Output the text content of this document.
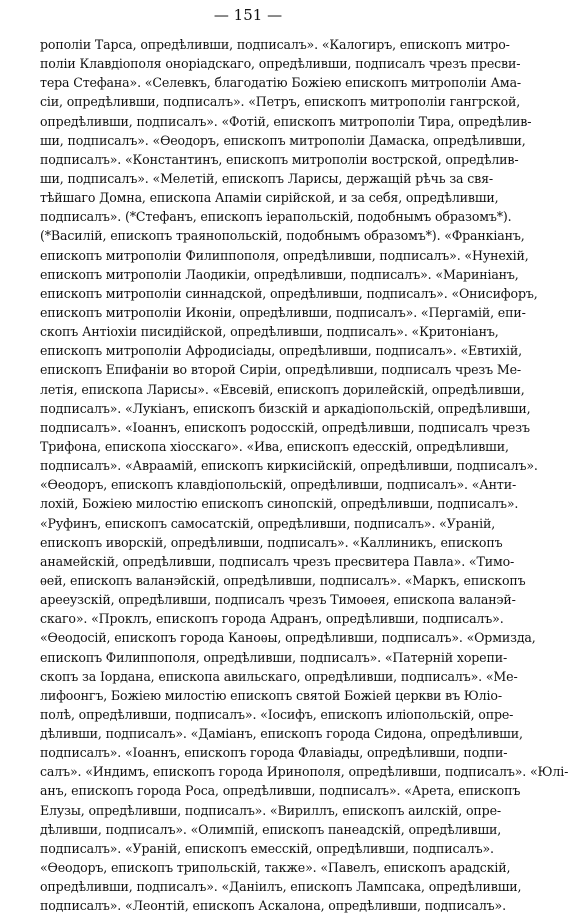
— 151 —
рополіи Тарса, опредѣливши, подписалъ». «Калогиръ, епископъ митро-
поліи Клавдіополя оноріадскаго, опредѣливши, подписалъ чрезъ пресви-
тера Стефана». «Селевкъ, благодатію Божіею епископъ митрополіи Ама-
сіи, опредѣливши, подписалъ». «Петръ, епископъ митрополіи гангрской,
опредѣливши, подписалъ». «Фотій, епископъ митрополіи Тира, опредѣлив-
ши, подписалъ». «Ѳеодоръ, епископъ митрополіи Дамаска, опредѣливши,
подписалъ». «Константинъ, епископъ митрополіи вострской, опредѣлив-
ши, подписалъ». «Мелетій, епископъ Ларисы, держащій рѣчь за свя-
тѣйшаго Домна, епископа Апаміи сирійской, и за себя, опредѣливши,
подписалъ». (*Стефанъ, епископъ іерапольскій, подобнымъ образомъ*).
(*Василій, епископъ траянопольскій, подобнымъ образомъ*). «Франкіанъ,
епископъ митрополіи Филиппополя, опредѣливши, подписалъ». «Нунехій,
епископъ митрополіи Лаодикіи, опредѣливши, подписалъ». «Маринiанъ,
епископъ митрополіи синнадской, опредѣливши, подписалъ». «Онисифоръ,
епископъ митрополіи Иконіи, опредѣливши, подписалъ». «Пергамій, епи-
скопъ Антіохіи писидійской, опредѣливши, подписалъ». «Критоніанъ,
епископъ митрополіи Афродисіады, опредѣливши, подписалъ». «Евтихій,
епископъ Епифаніи во второй Сиріи, опредѣливши, подписалъ чрезъ Ме-
летія, епископа Ларисы». «Евсевій, епископъ дорилейскій, опредѣливши,
подписалъ». «Лукіанъ, епископъ бизскій и аркадіопольскій, опредѣливши,
подписалъ». «Іоаннъ, епископъ родосскій, опредѣливши, подписалъ чрезъ
Трифона, епископа хіосскаго». «Ива, епископъ едесскій, опредѣливши,
подписалъ». «Авраамій, епископъ киркисійскій, опредѣливши, подписалъ».
«Ѳеодоръ, епископъ клавдіопольскій, опредѣливши, подписалъ». «Анти-
лохій, Божіею милостію епископъ синопскій, опредѣливши, подписалъ».
«Руфинъ, епископъ самосатскій, опредѣливши, подписалъ». «Ураній,
епископъ иворскій, опредѣливши, подписалъ». «Каллиникъ, епископъ
анамейскій, опредѣливши, подписалъ чрезъ пресвитера Павла». «Тимо-
ѳей, епископъ валанэйскій, опредѣливши, подписалъ». «Маркъ, епископъ
арееузскій, опредѣливши, подписалъ чрезъ Тимоѳея, епископа валанэй-
скаго». «Проклъ, епископъ города Адранъ, опредѣливши, подписалъ».
«Ѳеодосій, епископъ города Каноѳы, опредѣливши, подписалъ». «Ормизда,
епископъ Филиппополя, опредѣливши, подписалъ». «Патерній хорепи-
скопъ за Іордана, епископа авильскаго, опредѣливши, подписалъ». «Ме-
лифоонгъ, Божіею милостію епископъ святой Божіей церкви въ Юліо-
полѣ, опредѣливши, подписалъ». «Іосифъ, епископъ иліопольскій, опре-
дѣливши, подписалъ». «Дамiанъ, епископъ города Сидона, опредѣливши,
подписалъ». «Іоаннъ, епископъ города Флавіады, опредѣливши, подпи-
салъ». «Индимъ, епископъ города Иринополя, опредѣливши, подписалъ». «Юлі-
анъ, епископъ города Роса, опредѣливши, подписалъ». «Арета, епископъ
Елузы, опредѣливши, подписалъ». «Вириллъ, епископъ аилскій, опре-
дѣливши, подписалъ». «Олимпій, епископъ панеадскій, опредѣливши,
подписалъ». «Ураній, епископъ емесскій, опредѣливши, подписалъ».
«Ѳеодоръ, епископъ трипольскій, также». «Павелъ, епископъ арадскій,
опредѣливши, подписалъ». «Даніилъ, епископъ Лампсака, опредѣливши,
подписалъ». «Леонтій, епископъ Аскалона, опредѣливши, подписалъ».
